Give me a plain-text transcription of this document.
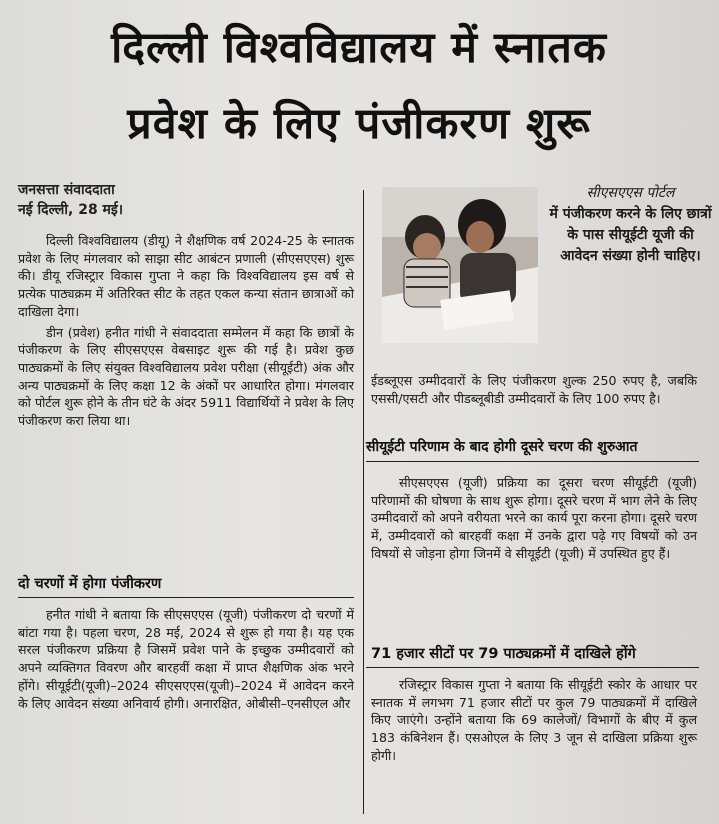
दिल्ली विश्वविद्यालय में स्नातक
प्रवेश के लिए पंजीकरण शुरू
जनसत्ता संवाददाता
नई दिल्ली, 28 मई।

दिल्ली विश्वविद्यालय (डीयू) ने शैक्षणिक वर्ष 2024-25 के स्नातक प्रवेश के लिए मंगलवार को साझा सीट आबंटन प्रणाली (सीएसएएस) शुरू की। डीयू रजिस्ट्रार विकास गुप्ता ने कहा कि विश्वविद्यालय इस वर्ष से प्रत्येक पाठ्यक्रम में अतिरिक्त सीट के तहत एकल कन्या संतान छात्राओं को दाखिला देगा।

डीन (प्रवेश) हनीत गांधी ने संवाददाता सम्मेलन में कहा कि छात्रों के पंजीकरण के लिए सीएसएएस वेबसाइट शुरू की गई है। प्रवेश कुछ पाठ्यक्रमों के लिए संयुक्त विश्वविद्यालय प्रवेश परीक्षा (सीयूईटी) अंक और अन्य पाठ्यक्रमों के लिए कक्षा 12 के अंकों पर आधारित होगा। मंगलवार को पोर्टल शुरू होने के तीन घंटे के अंदर 5911 विद्यार्थियों ने प्रवेश के लिए पंजीकरण करा लिया था।

दो चरणों में होगा पंजीकरण

हनीत गांधी ने बताया कि सीएसएएस (यूजी) पंजीकरण दो चरणों में बांटा गया है। पहला चरण, 28 मई, 2024 से शुरू हो गया है। यह एक सरल पंजीकरण प्रक्रिया है जिसमें प्रवेश पाने के इच्छुक उम्मीदवारों को अपने व्यक्तिगत विवरण और बारहवीं कक्षा में प्राप्त शैक्षणिक अंक भरने होंगे। सीयूईटी(यूजी)–2024 सीएसएएस(यूजी)–2024 में आवेदन करने के लिए आवेदन संख्या अनिवार्य होगी। अनारक्षित, ओबीसी–एनसीएल और

सीएसएएस पोर्टल
में पंजीकरण करने के लिए छात्रों के पास सीयूईटी यूजी की आवेदन संख्या होनी चाहिए।

ईडब्लूएस उम्मीदवारों के लिए पंजीकरण शुल्क 250 रुपए है, जबकि एससी/एसटी और पीडब्लूबीडी उम्मीदवारों के लिए 100 रुपए है।

सीयूईटी परिणाम के बाद होगी दूसरे चरण की शुरुआत

सीएसएएस (यूजी) प्रक्रिया का दूसरा चरण सीयूईटी (यूजी) परिणामों की घोषणा के साथ शुरू होगा। दूसरे चरण में भाग लेने के लिए उम्मीदवारों को अपने वरीयता भरने का कार्य पूरा करना होगा। दूसरे चरण में, उम्मीदवारों को बारहवीं कक्षा में उनके द्वारा पढ़े गए विषयों को उन विषयों से जोड़ना होगा जिनमें वे सीयूईटी (यूजी) में उपस्थित हुए हैं।

71 हजार सीटों पर 79 पाठ्यक्रमों में दाखिले होंगे

रजिस्ट्रार विकास गुप्ता ने बताया कि सीयूईटी स्कोर के आधार पर स्नातक में लगभग 71 हजार सीटों पर कुल 79 पाठ्यक्रमों में दाखिले किए जाएंगे। उन्होंने बताया कि 69 कालेजों/ विभागों के बीए में कुल 183 कंबिनेशन हैं। एसओएल के लिए 3 जून से दाखिला प्रक्रिया शुरू होगी।
